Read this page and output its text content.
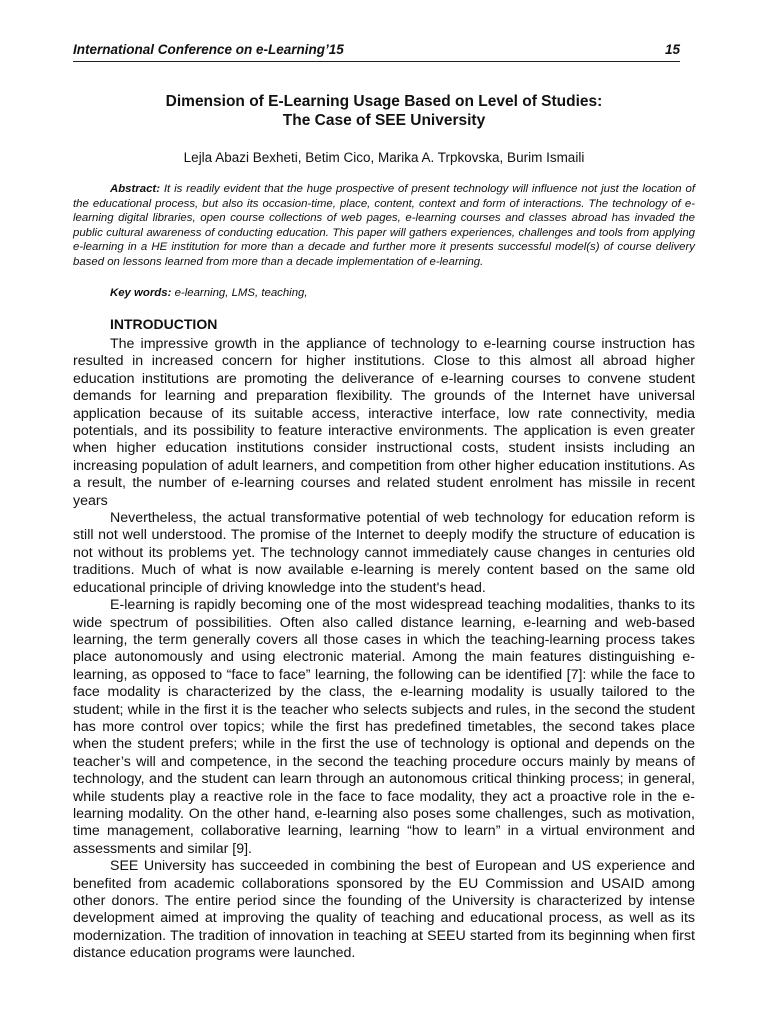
International Conference on e-Learning’15	15
Dimension of E-Learning Usage Based on Level of Studies:
The Case of SEE University
Lejla Abazi Bexheti, Betim Cico, Marika A. Trpkovska, Burim Ismaili
Abstract: It is readily evident that the huge prospective of present technology will influence not just the location of the educational process, but also its occasion-time, place, content, context and form of interactions. The technology of e-learning digital libraries, open course collections of web pages, e-learning courses and classes abroad has invaded the public cultural awareness of conducting education. This paper will gathers experiences, challenges and tools from applying e-learning in a HE institution for more than a decade and further more it presents successful model(s) of course delivery based on lessons learned from more than a decade implementation of e-learning.
Key words: e-learning, LMS, teaching,
INTRODUCTION

The impressive growth in the appliance of technology to e-learning course instruction has resulted in increased concern for higher institutions. Close to this almost all abroad higher education institutions are promoting the deliverance of e-learning courses to convene student demands for learning and preparation flexibility. The grounds of the Internet have universal application because of its suitable access, interactive interface, low rate connectivity, media potentials, and its possibility to feature interactive environments. The application is even greater when higher education institutions consider instructional costs, student insists including an increasing population of adult learners, and competition from other higher education institutions. As a result, the number of e-learning courses and related student enrolment has missile in recent years

Nevertheless, the actual transformative potential of web technology for education reform is still not well understood. The promise of the Internet to deeply modify the structure of education is not without its problems yet. The technology cannot immediately cause changes in centuries old traditions. Much of what is now available e-learning is merely content based on the same old educational principle of driving knowledge into the student's head.

E-learning is rapidly becoming one of the most widespread teaching modalities, thanks to its wide spectrum of possibilities. Often also called distance learning, e-learning and web-based learning, the term generally covers all those cases in which the teaching-learning process takes place autonomously and using electronic material. Among the main features distinguishing e-learning, as opposed to “face to face” learning, the following can be identified [7]: while the face to face modality is characterized by the class, the e-learning modality is usually tailored to the student; while in the first it is the teacher who selects subjects and rules, in the second the student has more control over topics; while the first has predefined timetables, the second takes place when the student prefers; while in the first the use of technology is optional and depends on the teacher’s will and competence, in the second the teaching procedure occurs mainly by means of technology, and the student can learn through an autonomous critical thinking process; in general, while students play a reactive role in the face to face modality, they act a proactive role in the e-learning modality. On the other hand, e-learning also poses some challenges, such as motivation, time management, collaborative learning, learning “how to learn” in a virtual environment and assessments and similar [9].

SEE University has succeeded in combining the best of European and US experience and benefited from academic collaborations sponsored by the EU Commission and USAID among other donors. The entire period since the founding of the University is characterized by intense development aimed at improving the quality of teaching and educational process, as well as its modernization. The tradition of innovation in teaching at SEEU started from its beginning when first distance education programs were launched.
